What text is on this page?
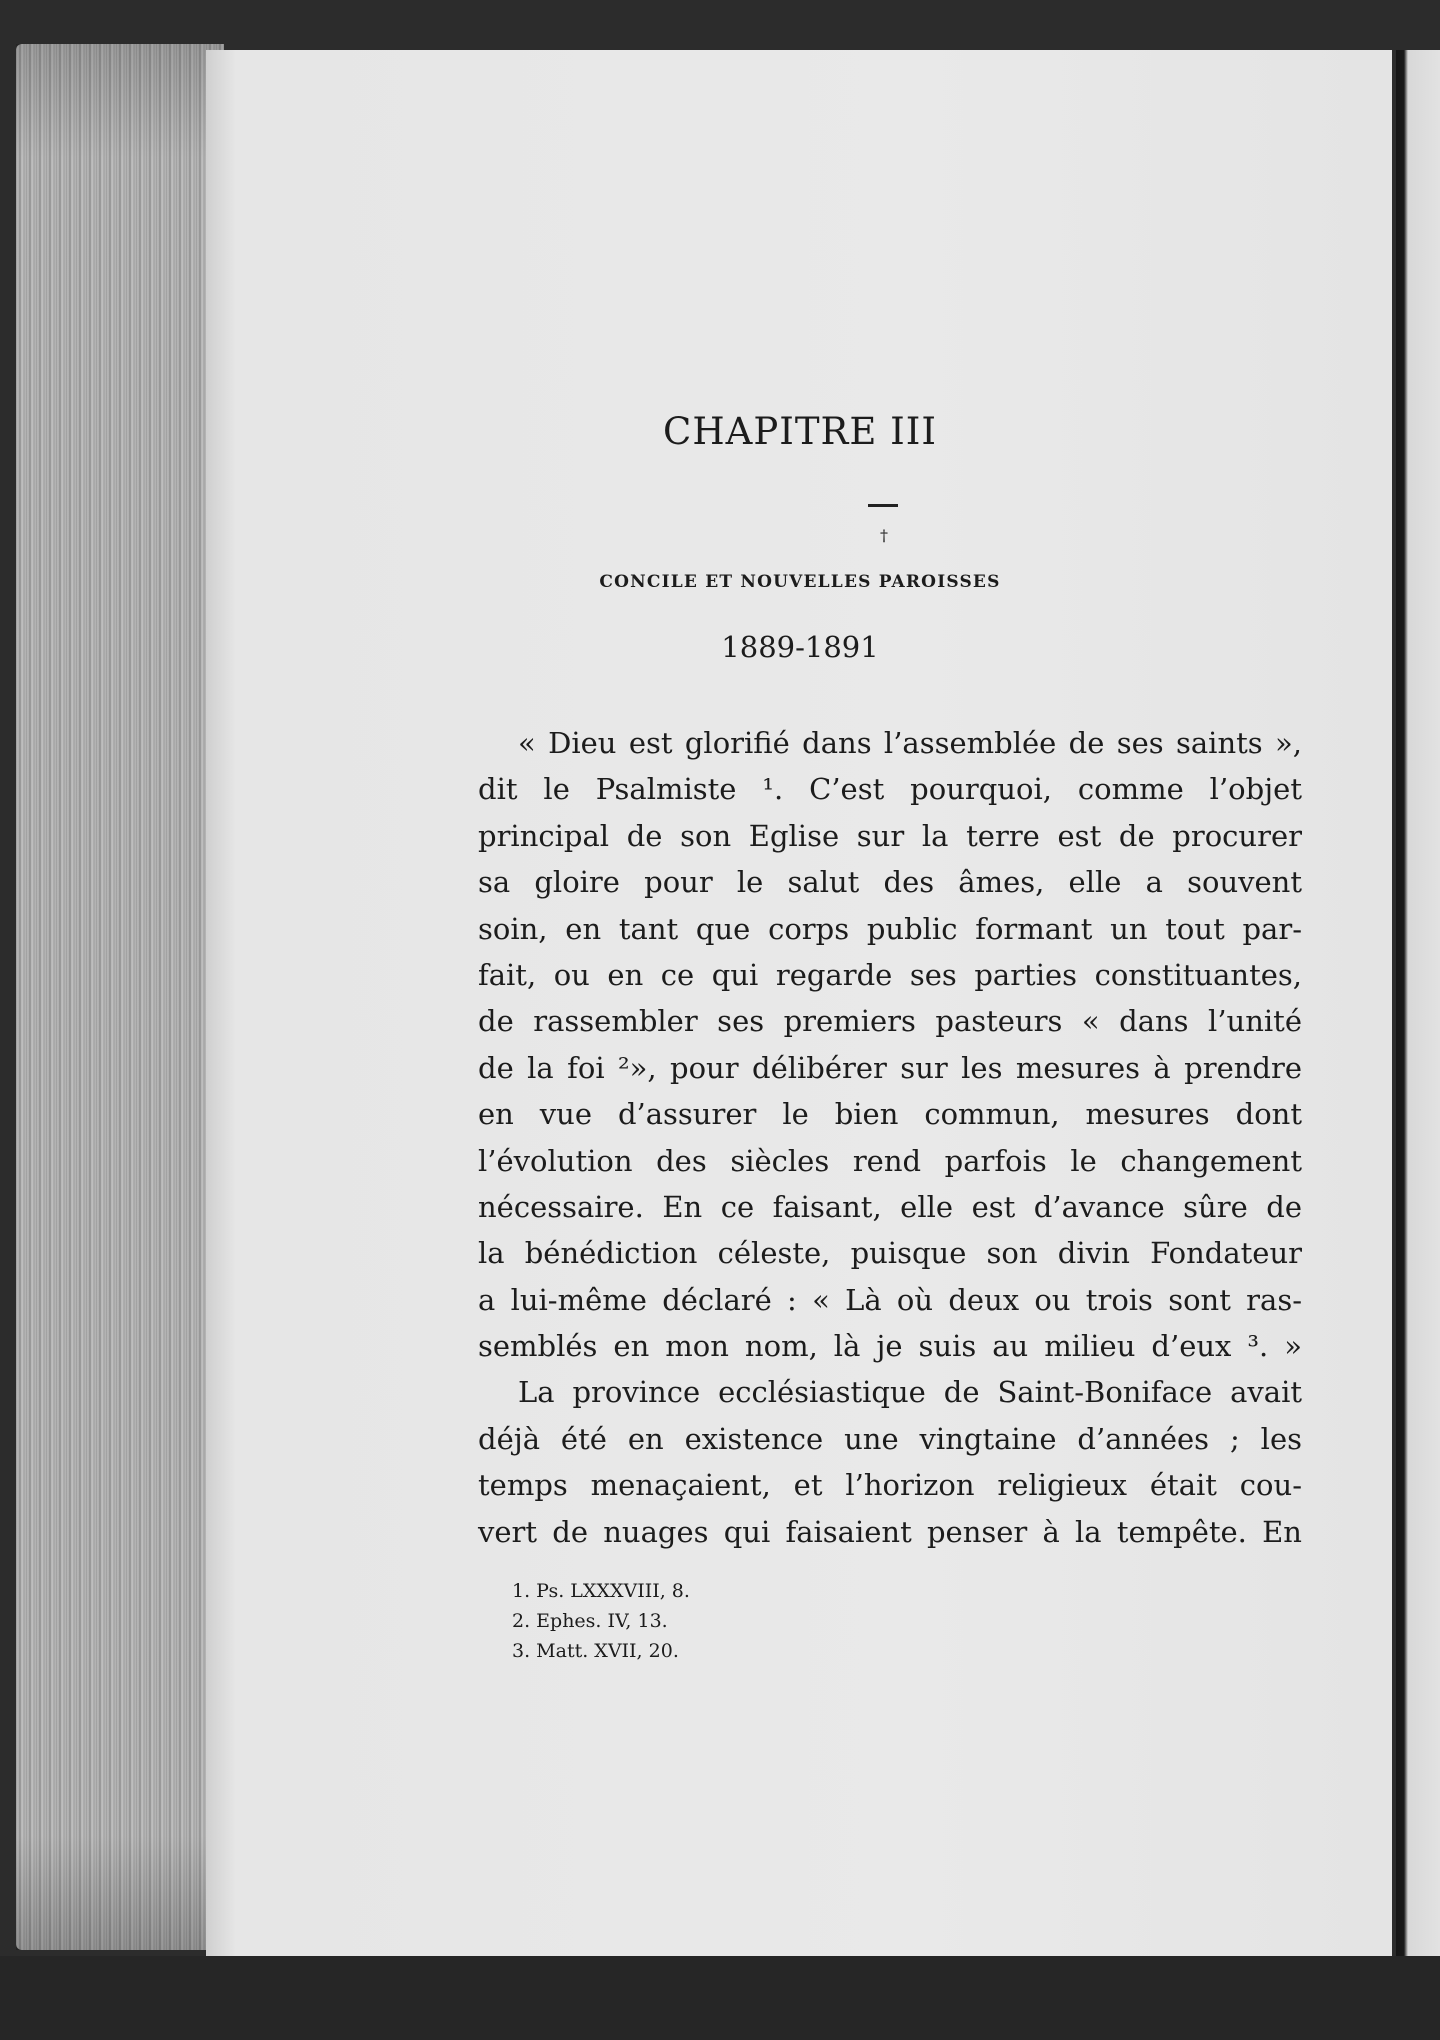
CHAPITRE III
†
CONCILE ET NOUVELLES PAROISSES
1889-1891
« Dieu est glorifié dans l’assemblée de ses saints »,
dit le Psalmiste ¹. C’est pourquoi, comme l’objet
principal de son Eglise sur la terre est de procurer
sa gloire pour le salut des âmes, elle a souvent
soin, en tant que corps public formant un tout par-
fait, ou en ce qui regarde ses parties constituantes,
de rassembler ses premiers pasteurs « dans l’unité
de la foi ²», pour délibérer sur les mesures à prendre
en vue d’assurer le bien commun, mesures dont
l’évolution des siècles rend parfois le changement
nécessaire. En ce faisant, elle est d’avance sûre de
la bénédiction céleste, puisque son divin Fondateur
a lui-même déclaré : « Là où deux ou trois sont ras-
semblés en mon nom, là je suis au milieu d’eux ³. »
La province ecclésiastique de Saint-Boniface avait
déjà été en existence une vingtaine d’années ; les
temps menaçaient, et l’horizon religieux était cou-
vert de nuages qui faisaient penser à la tempête. En
1. Ps. LXXXVIII, 8.
2. Ephes. IV, 13.
3. Matt. XVII, 20.
